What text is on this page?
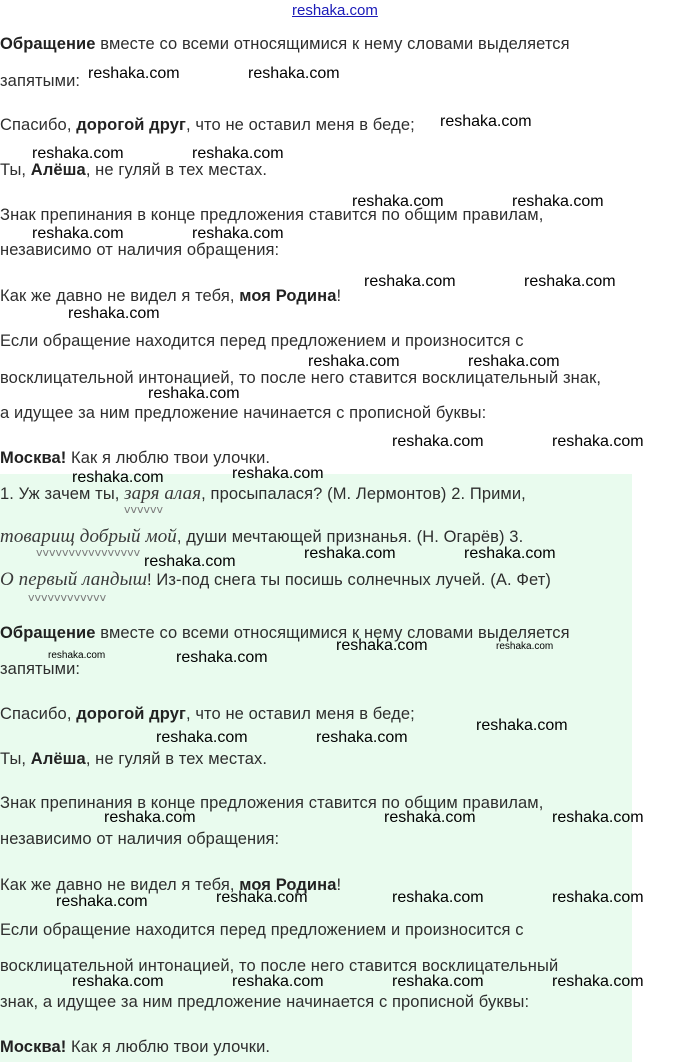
reshaka.com
Обращение вместе со всеми относящимися к нему словами выделяется
запятыми:
Спасибо, дорогой друг, что не оставил меня в беде;
Ты, Алёша, не гуляй в тех местах.
Знак препинания в конце предложения ставится по общим правилам,
независимо от наличия обращения:
Как же давно не видел я тебя, моя Родина!
Если обращение находится перед предложением и произносится с
восклицательной интонацией, то после него ставится восклицательный знак,
а идущее за ним предложение начинается с прописной буквы:
Москва! Как я люблю твои улочки.
1. Уж зачем ты, заря алая, просыпалася? (М. Лермонтов) 2. Прими,
vvvvvv
товарищ добрый мой, души мечтающей признанья. (Н. Огарёв) 3.
vvvvvvvvvvvvvvvv
О первый ландыш! Из-под снега ты посишь солнечных лучей. (А. Фет)
vvvvvvvvvvvv
Обращение вместе со всеми относящимися к нему словами выделяется
запятыми:
Спасибо, дорогой друг, что не оставил меня в беде;
Ты, Алёша, не гуляй в тех местах.
Знак препинания в конце предложения ставится по общим правилам,
независимо от наличия обращения:
Как же давно не видел я тебя, моя Родина!
Если обращение находится перед предложением и произносится с
восклицательной интонацией, то после него ставится восклицательный
знак, а идущее за ним предложение начинается с прописной буквы:
Москва! Как я люблю твои улочки.
reshaka.com	reshaka.com
reshaka.com
reshaka.com	reshaka.com
reshaka.com	reshaka.com
reshaka.com	reshaka.com
reshaka.com	reshaka.com
reshaka.com
reshaka.com	reshaka.com
reshaka.com
reshaka.com	reshaka.com
reshaka.com	reshaka.com
reshaka.com	reshaka.com
reshaka.com
reshaka.com	reshaka.com
reshaka.com	reshaka.com
reshaka.com
reshaka.com	reshaka.com
reshaka.com	reshaka.com	reshaka.com
reshaka.com	reshaka.com	reshaka.com
reshaka.com
reshaka.com	reshaka.com	reshaka.com	reshaka.com
